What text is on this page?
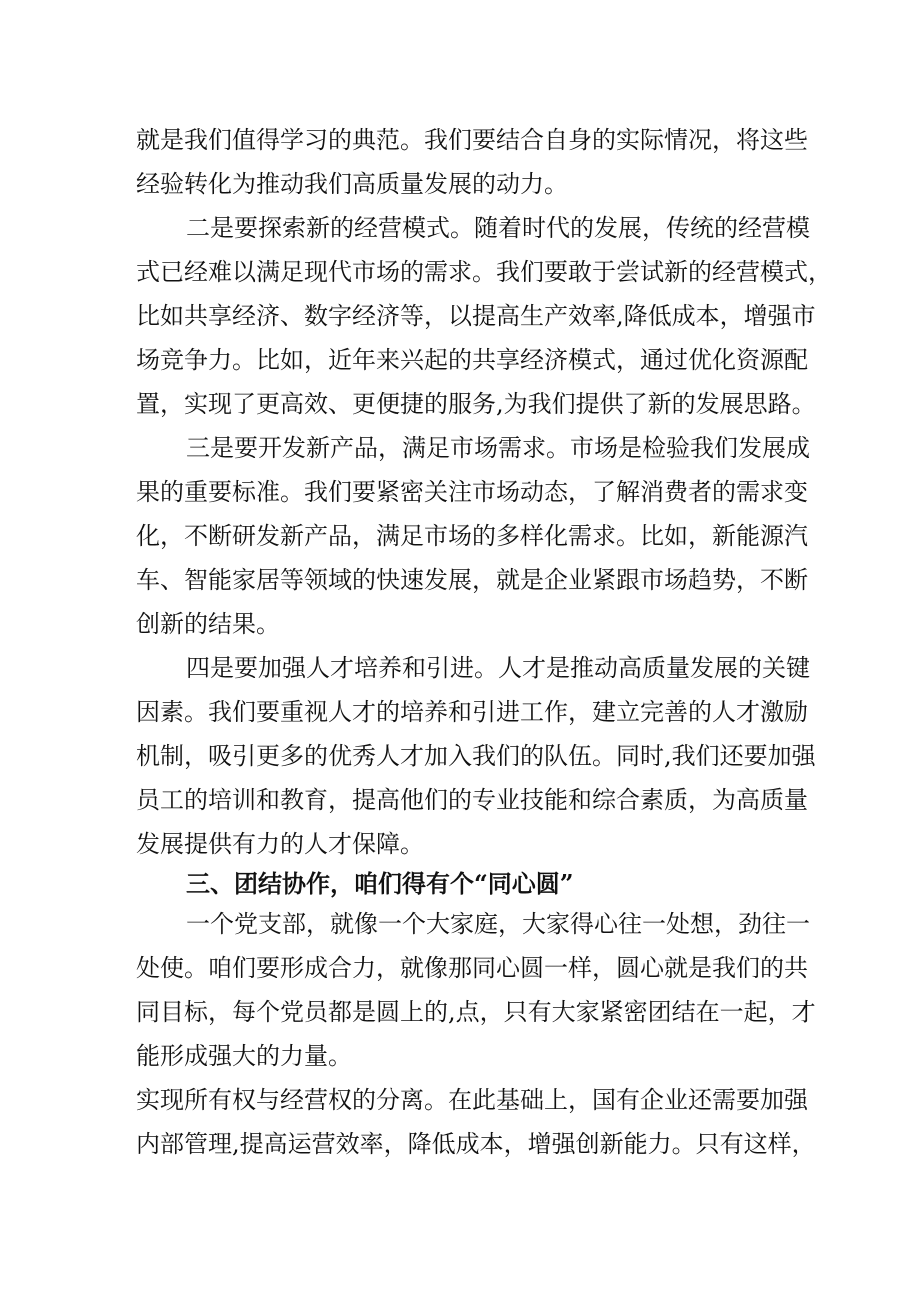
就是我们值得学习的典范。我们要结合自身的实际情况，将这些
经验转化为推动我们高质量发展的动力。
二是要探索新的经营模式。随着时代的发展，传统的经营模
式已经难以满足现代市场的需求。我们要敢于尝试新的经营模式，
比如共享经济、数字经济等，以提高生产效率,降低成本，增强市
场竞争力。比如，近年来兴起的共享经济模式，通过优化资源配
置，实现了更高效、更便捷的服务,为我们提供了新的发展思路。
三是要开发新产品，满足市场需求。市场是检验我们发展成
果的重要标准。我们要紧密关注市场动态，了解消费者的需求变
化，不断研发新产品，满足市场的多样化需求。比如，新能源汽
车、智能家居等领域的快速发展，就是企业紧跟市场趋势，不断
创新的结果。
四是要加强人才培养和引进。人才是推动高质量发展的关键
因素。我们要重视人才的培养和引进工作，建立完善的人才激励
机制，吸引更多的优秀人才加入我们的队伍。同时,我们还要加强
员工的培训和教育，提高他们的专业技能和综合素质，为高质量
发展提供有力的人才保障。
三、团结协作，咱们得有个“同心圆”
一个党支部，就像一个大家庭，大家得心往一处想，劲往一
处使。咱们要形成合力，就像那同心圆一样，圆心就是我们的共
同目标，每个党员都是圆上的,点，只有大家紧密团结在一起，才
能形成强大的力量。
实现所有权与经营权的分离。在此基础上，国有企业还需要加强
内部管理,提高运营效率，降低成本，增强创新能力。只有这样，
